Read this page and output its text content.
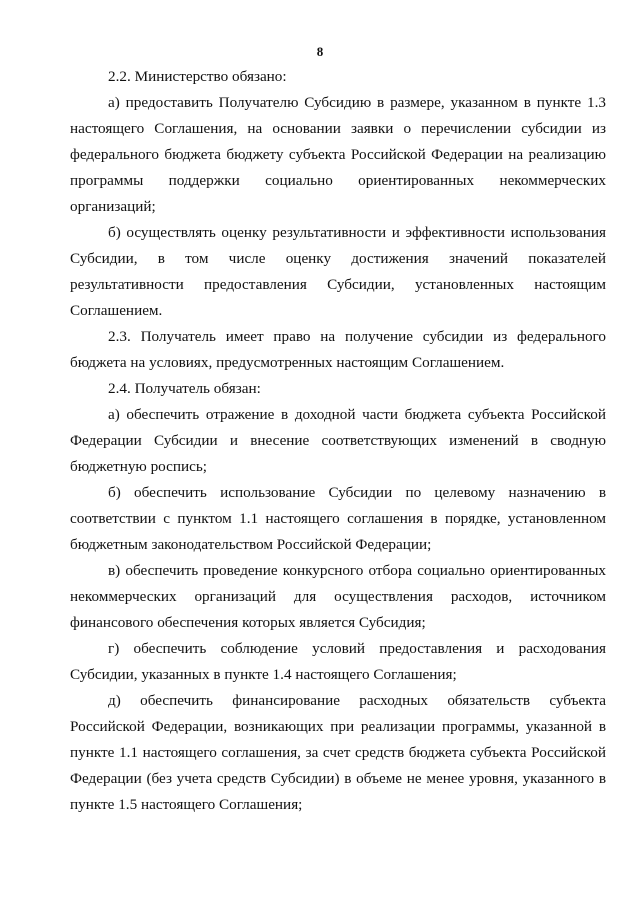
8

2.2. Министерство обязано:

а) предоставить Получателю Субсидию в размере, указанном в пункте 1.3 настоящего Соглашения, на основании заявки о перечислении субсидии из федерального бюджета бюджету субъекта Российской Федерации на реализацию программы поддержки социально ориентированных некоммерческих организаций;

б) осуществлять оценку результативности и эффективности использования Субсидии, в том числе оценку достижения значений показателей результативности предоставления Субсидии, установленных настоящим Соглашением.

2.3. Получатель имеет право на получение субсидии из федерального бюджета на условиях, предусмотренных настоящим Соглашением.

2.4. Получатель обязан:

а) обеспечить отражение в доходной части бюджета субъекта Российской Федерации Субсидии и внесение соответствующих изменений в сводную бюджетную роспись;

б) обеспечить использование Субсидии по целевому назначению в соответствии с пунктом 1.1 настоящего соглашения в порядке, установленном бюджетным законодательством Российской Федерации;

в) обеспечить проведение конкурсного отбора социально ориентированных некоммерческих организаций для осуществления расходов, источником финансового обеспечения которых является Субсидия;

г) обеспечить соблюдение условий предоставления и расходования Субсидии, указанных в пункте 1.4 настоящего Соглашения;

д) обеспечить финансирование расходных обязательств субъекта Российской Федерации, возникающих при реализации программы, указанной в пункте 1.1 настоящего соглашения, за счет средств бюджета субъекта Российской Федерации (без учета средств Субсидии) в объеме не менее уровня, указанного в пункте 1.5 настоящего Соглашения;
